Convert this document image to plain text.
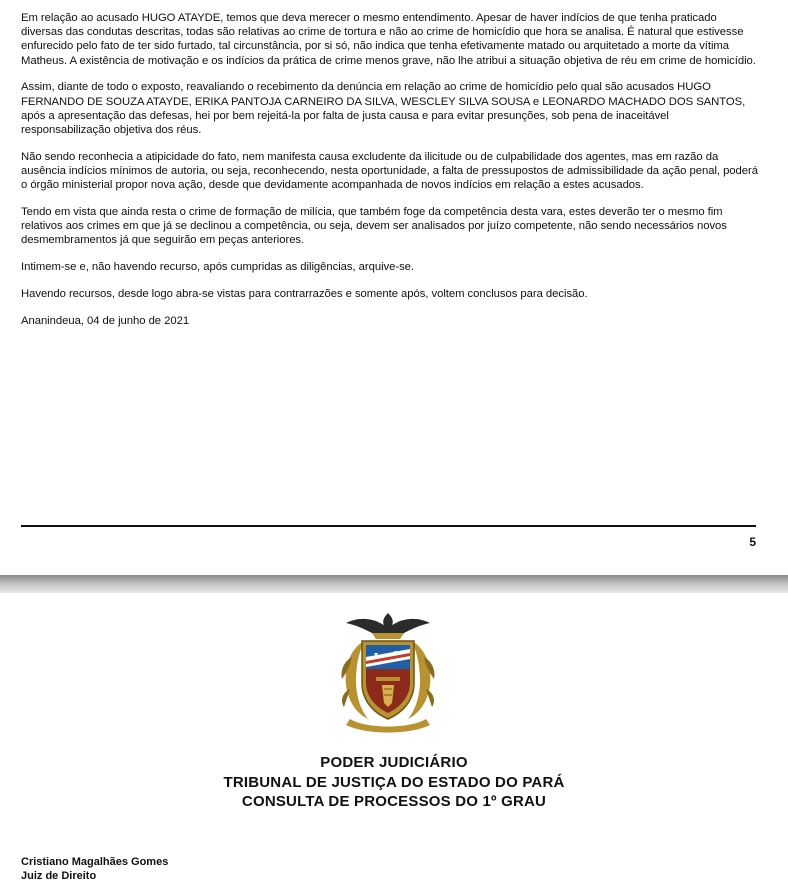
Em relação ao acusado HUGO ATAYDE, temos que deva merecer o mesmo entendimento. Apesar de haver indícios de que tenha praticado diversas das condutas descritas, todas são relativas ao crime de tortura e não ao crime de homicídio que hora se analisa. É natural que estivesse enfurecido pelo fato de ter sido furtado, tal circunstância, por si só, não indica que tenha efetivamente matado ou arquitetado a morte da vítima Matheus. A existência de motivação e os indícios da prática de crime menos grave, não lhe atribui a situação objetiva de réu em crime de homicídio.

Assim, diante de todo o exposto, reavaliando o recebimento da denúncia em relação ao crime de homicídio pelo qual são acusados HUGO FERNANDO DE SOUZA ATAYDE, ERIKA PANTOJA CARNEIRO DA SILVA, WESCLEY SILVA SOUSA e LEONARDO MACHADO DOS SANTOS, após a apresentação das defesas, hei por bem rejeitá-la por falta de justa causa e para evitar presunções, sob pena de inaceitável responsabilização objetiva dos réus.

Não sendo reconhecia a atipicidade do fato, nem manifesta causa excludente da ilicitude ou de culpabilidade dos agentes, mas em razão da ausência indícios mínimos de autoria, ou seja, reconhecendo, nesta oportunidade, a falta de pressupostos de admissibilidade da ação penal, poderá o órgão ministerial propor nova ação, desde que devidamente acompanhada de novos indícios em relação a estes acusados.

Tendo em vista que ainda resta o crime de formação de milícia, que também foge da competência desta vara, estes deverão ter o mesmo fim relativos aos crimes em que já se declinou a competência, ou seja, devem ser analisados por juízo competente, não sendo necessários novos desmembramentos já que seguirão em peças anteriores.

Intimem-se e, não havendo recurso, após cumpridas as diligências, arquive-se.

Havendo recursos, desde logo abra-se vistas para contrarrazões e somente após, voltem conclusos para decisão.

Ananindeua, 04 de junho de 2021

5
PODER JUDICIÁRIO
TRIBUNAL DE JUSTIÇA DO ESTADO DO PARÁ
CONSULTA DE PROCESSOS DO 1º GRAU
Cristiano Magalhães Gomes
Juiz de Direito
